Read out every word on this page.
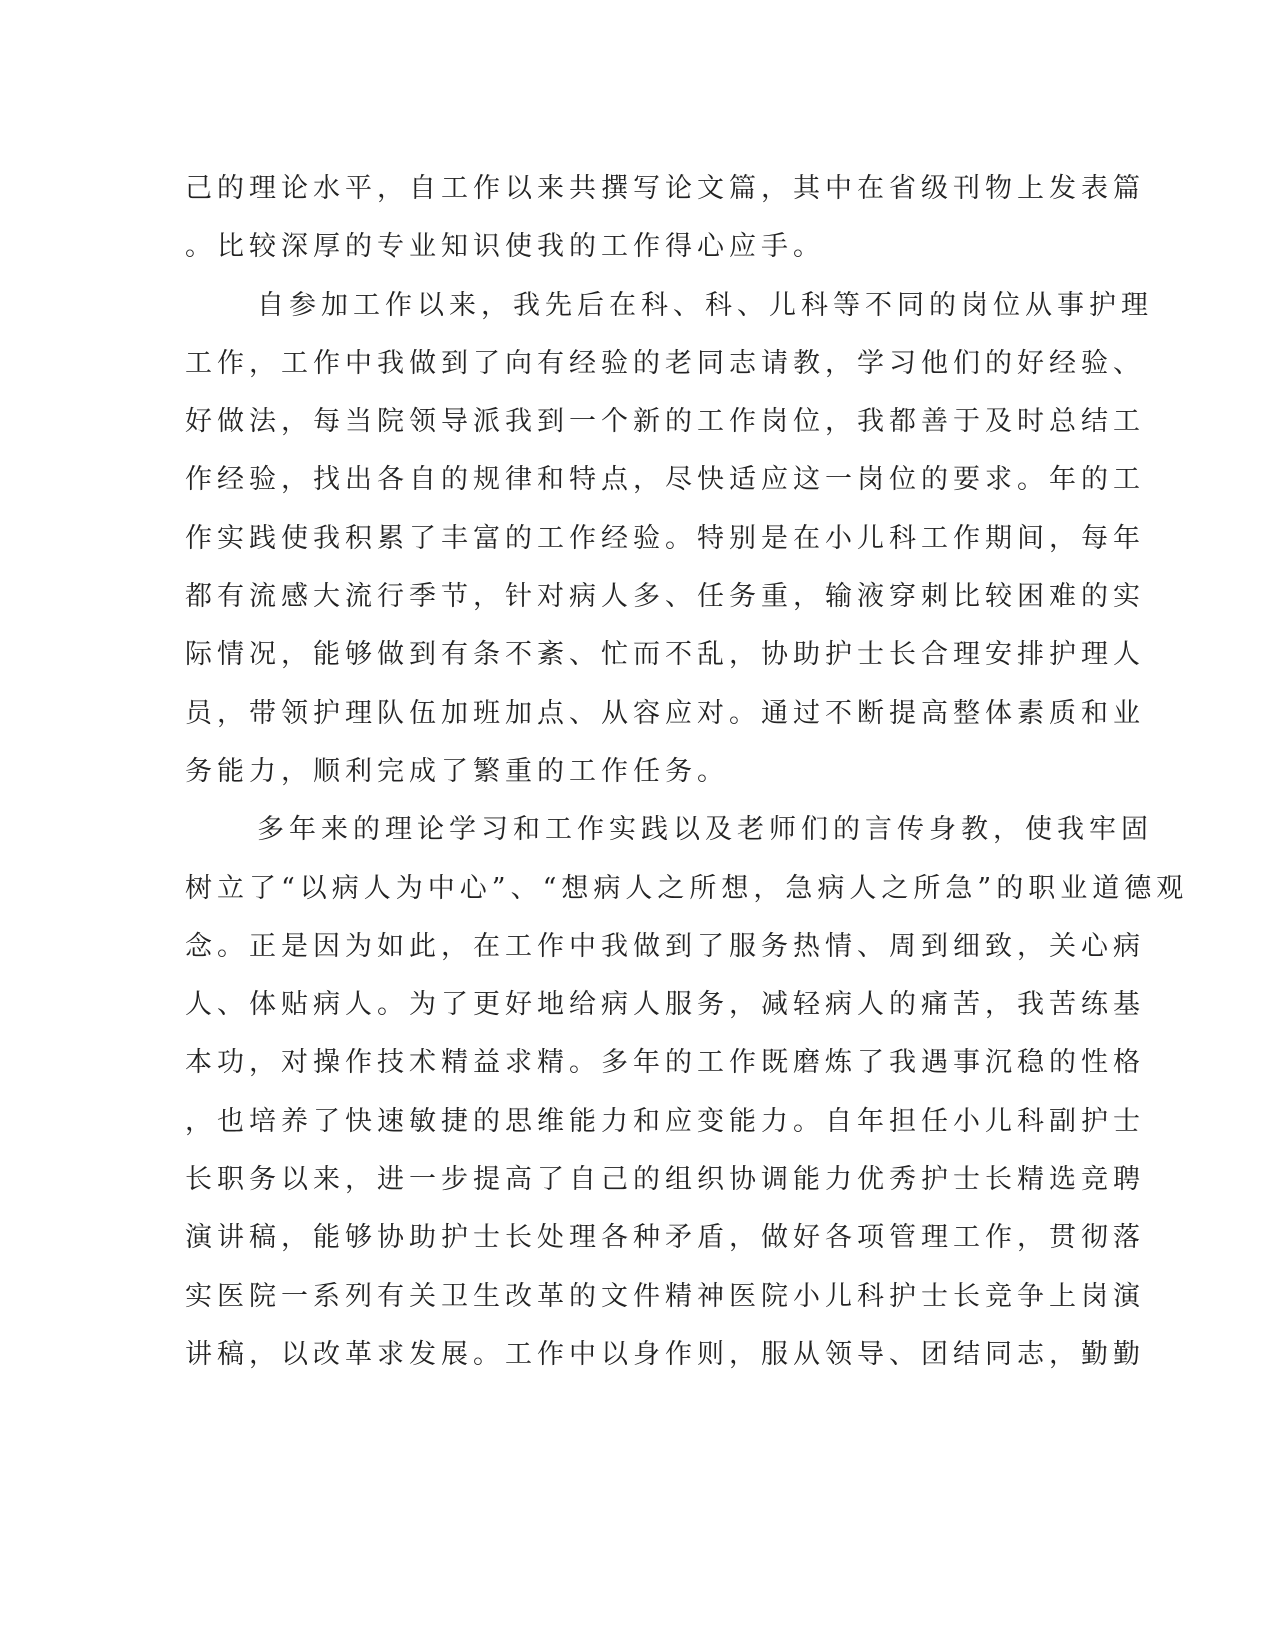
己的理论水平，自工作以来共撰写论文篇，其中在省级刊物上发表篇
。比较深厚的专业知识使我的工作得心应手。
自参加工作以来，我先后在科、科、儿科等不同的岗位从事护理
工作，工作中我做到了向有经验的老同志请教，学习他们的好经验、
好做法，每当院领导派我到一个新的工作岗位，我都善于及时总结工
作经验，找出各自的规律和特点，尽快适应这一岗位的要求。年的工
作实践使我积累了丰富的工作经验。特别是在小儿科工作期间，每年
都有流感大流行季节，针对病人多、任务重，输液穿刺比较困难的实
际情况，能够做到有条不紊、忙而不乱，协助护士长合理安排护理人
员，带领护理队伍加班加点、从容应对。通过不断提高整体素质和业
务能力，顺利完成了繁重的工作任务。
多年来的理论学习和工作实践以及老师们的言传身教，使我牢固
树立了“以病人为中心”、“想病人之所想，急病人之所急”的职业道德观
念。正是因为如此，在工作中我做到了服务热情、周到细致，关心病
人、体贴病人。为了更好地给病人服务，减轻病人的痛苦，我苦练基
本功，对操作技术精益求精。多年的工作既磨炼了我遇事沉稳的性格
，也培养了快速敏捷的思维能力和应变能力。自年担任小儿科副护士
长职务以来，进一步提高了自己的组织协调能力优秀护士长精选竞聘
演讲稿，能够协助护士长处理各种矛盾，做好各项管理工作，贯彻落
实医院一系列有关卫生改革的文件精神医院小儿科护士长竞争上岗演
讲稿，以改革求发展。工作中以身作则，服从领导、团结同志，勤勤
